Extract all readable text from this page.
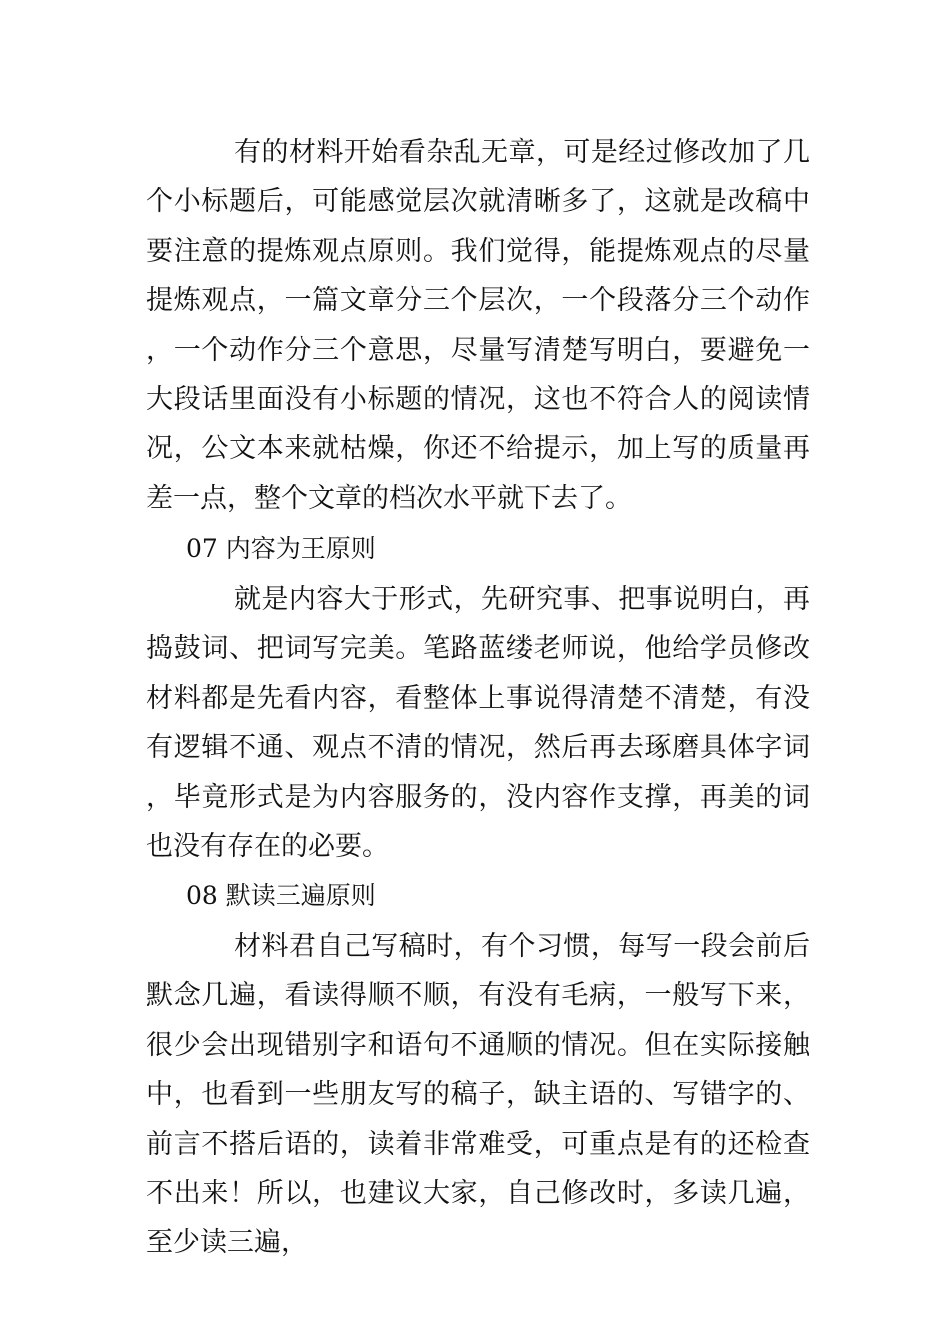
有的材料开始看杂乱无章，可是经过修改加了几个小标题后，可能感觉层次就清晰多了，这就是改稿中要注意的提炼观点原则。我们觉得，能提炼观点的尽量提炼观点，一篇文章分三个层次，一个段落分三个动作，一个动作分三个意思，尽量写清楚写明白，要避免一大段话里面没有小标题的情况，这也不符合人的阅读情况，公文本来就枯燥，你还不给提示，加上写的质量再差一点，整个文章的档次水平就下去了。

07 内容为王原则

就是内容大于形式，先研究事、把事说明白，再捣鼓词、把词写完美。笔路蓝缕老师说，他给学员修改材料都是先看内容，看整体上事说得清楚不清楚，有没有逻辑不通、观点不清的情况，然后再去琢磨具体字词，毕竟形式是为内容服务的，没内容作支撑，再美的词也没有存在的必要。

08 默读三遍原则

材料君自己写稿时，有个习惯，每写一段会前后默念几遍，看读得顺不顺，有没有毛病，一般写下来，很少会出现错别字和语句不通顺的情况。但在实际接触中，也看到一些朋友写的稿子，缺主语的、写错字的、前言不搭后语的，读着非常难受，可重点是有的还检查不出来！所以，也建议大家，自己修改时，多读几遍，至少读三遍，
